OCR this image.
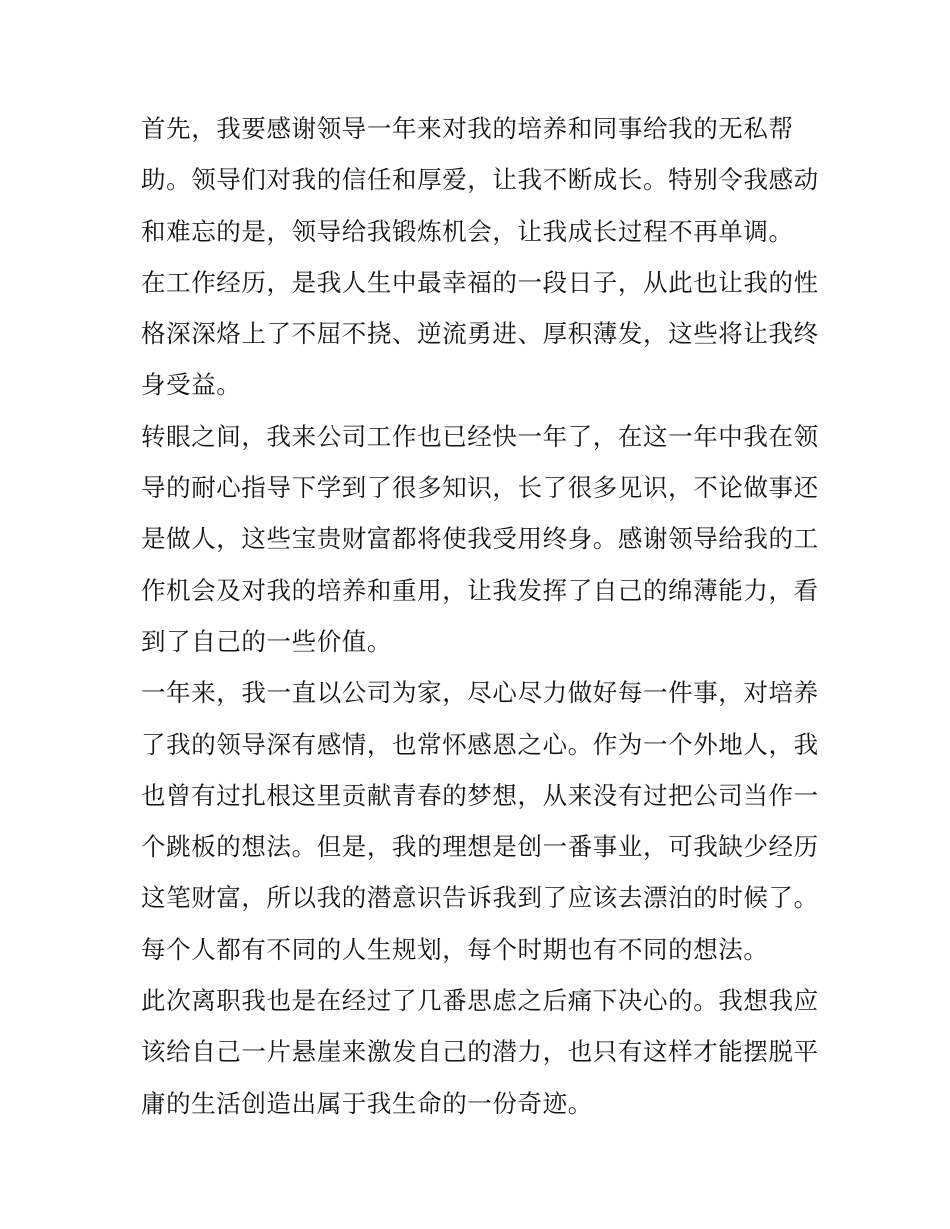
首先，我要感谢领导一年来对我的培养和同事给我的无私帮
助。领导们对我的信任和厚爱，让我不断成长。特别令我感动
和难忘的是，领导给我锻炼机会，让我成长过程不再单调。
在工作经历，是我人生中最幸福的一段日子，从此也让我的性
格深深烙上了不屈不挠、逆流勇进、厚积薄发，这些将让我终
身受益。
转眼之间，我来公司工作也已经快一年了，在这一年中我在领
导的耐心指导下学到了很多知识，长了很多见识，不论做事还
是做人，这些宝贵财富都将使我受用终身。感谢领导给我的工
作机会及对我的培养和重用，让我发挥了自己的绵薄能力，看
到了自己的一些价值。
一年来，我一直以公司为家，尽心尽力做好每一件事，对培养
了我的领导深有感情，也常怀感恩之心。作为一个外地人，我
也曾有过扎根这里贡献青春的梦想，从来没有过把公司当作一
个跳板的想法。但是，我的理想是创一番事业，可我缺少经历
这笔财富，所以我的潜意识告诉我到了应该去漂泊的时候了。
每个人都有不同的人生规划，每个时期也有不同的想法。
此次离职我也是在经过了几番思虑之后痛下决心的。我想我应
该给自己一片悬崖来激发自己的潜力，也只有这样才能摆脱平
庸的生活创造出属于我生命的一份奇迹。
